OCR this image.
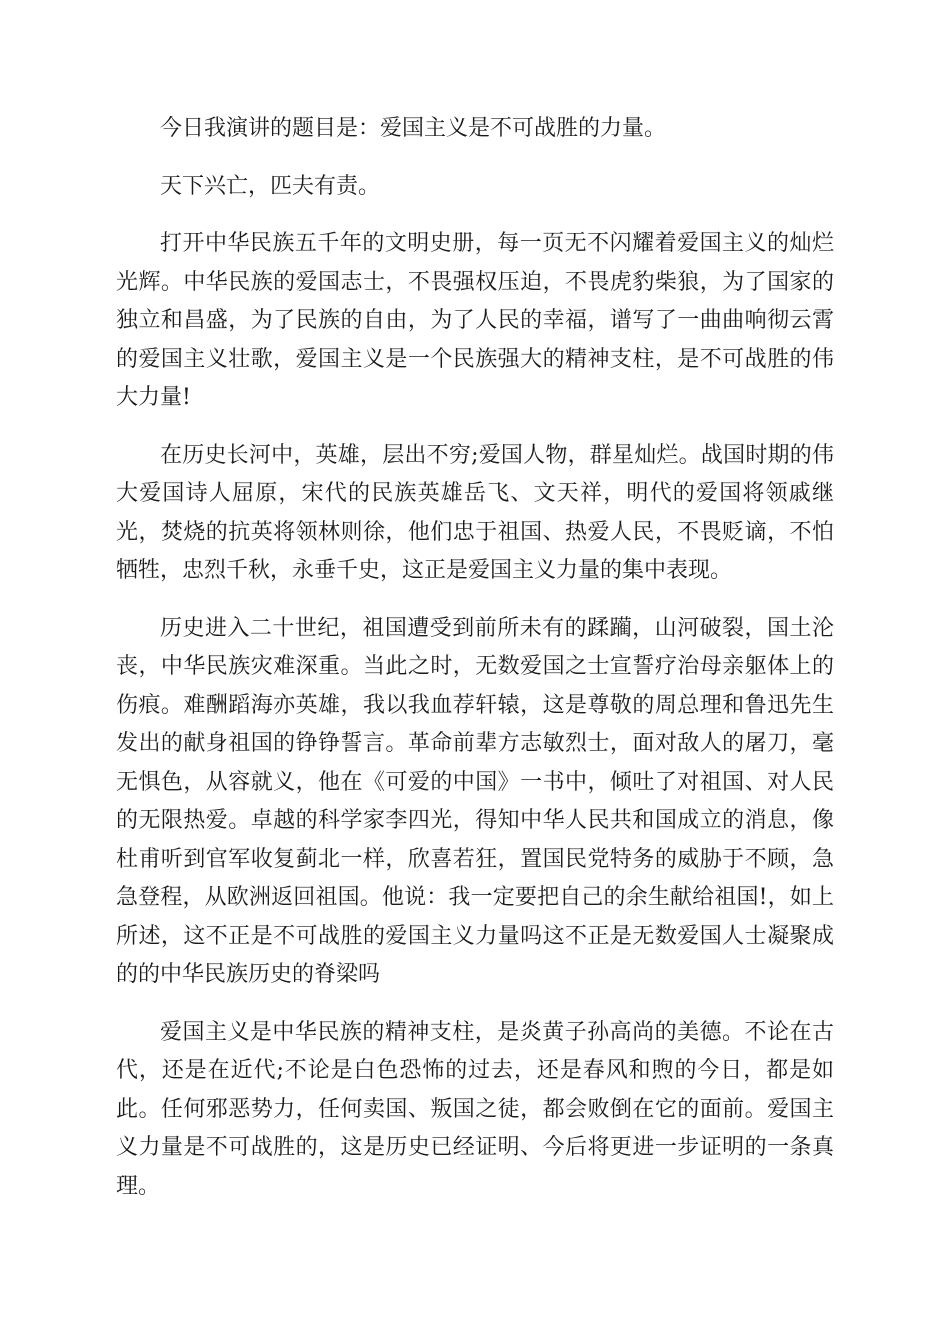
今日我演讲的题目是：爱国主义是不可战胜的力量。

天下兴亡，匹夫有责。

打开中华民族五千年的文明史册，每一页无不闪耀着爱国主义的灿烂光辉。中华民族的爱国志士，不畏强权压迫，不畏虎豹柴狼，为了国家的独立和昌盛，为了民族的自由，为了人民的幸福，谱写了一曲曲响彻云霄的爱国主义壮歌，爱国主义是一个民族强大的精神支柱，是不可战胜的伟大力量!

在历史长河中，英雄，层出不穷;爱国人物，群星灿烂。战国时期的伟大爱国诗人屈原，宋代的民族英雄岳飞、文天祥，明代的爱国将领戚继光，焚烧的抗英将领林则徐，他们忠于祖国、热爱人民，不畏贬谪，不怕牺牲，忠烈千秋，永垂千史，这正是爱国主义力量的集中表现。

历史进入二十世纪，祖国遭受到前所未有的蹂躏，山河破裂，国土沦丧，中华民族灾难深重。当此之时，无数爱国之士宣誓疗治母亲躯体上的伤痕。难酬蹈海亦英雄，我以我血荐轩辕，这是尊敬的周总理和鲁迅先生发出的献身祖国的铮铮誓言。革命前辈方志敏烈士，面对敌人的屠刀，毫无惧色，从容就义，他在《可爱的中国》一书中，倾吐了对祖国、对人民的无限热爱。卓越的科学家李四光，得知中华人民共和国成立的消息，像杜甫听到官军收复蓟北一样，欣喜若狂，置国民党特务的威胁于不顾，急急登程，从欧洲返回祖国。他说：我一定要把自己的余生献给祖国!，如上所述，这不正是不可战胜的爱国主义力量吗这不正是无数爱国人士凝聚成的的中华民族历史的脊梁吗

爱国主义是中华民族的精神支柱，是炎黄子孙高尚的美德。不论在古代，还是在近代;不论是白色恐怖的过去，还是春风和煦的今日，都是如此。任何邪恶势力，任何卖国、叛国之徒，都会败倒在它的面前。爱国主义力量是不可战胜的，这是历史已经证明、今后将更进一步证明的一条真理。
